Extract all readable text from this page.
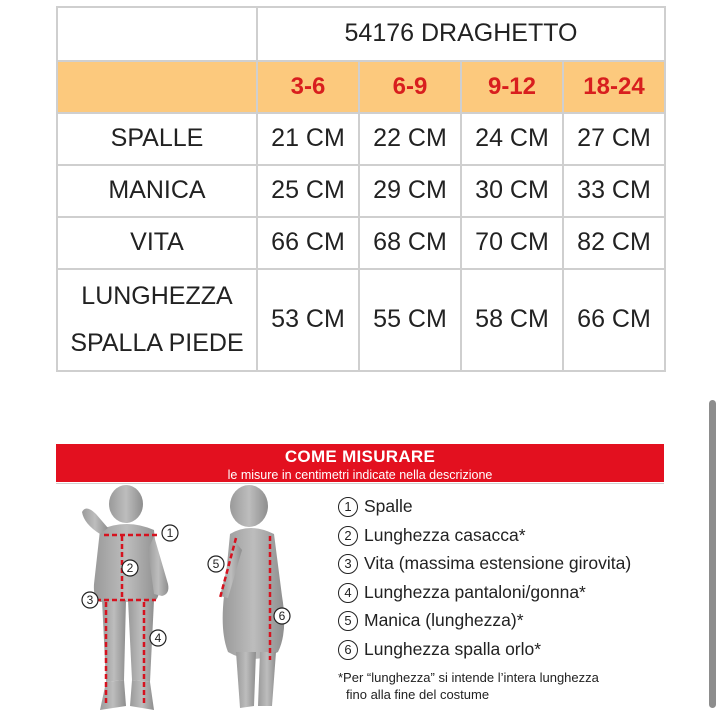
	54176 DRAGHETTO			
	3-6	6-9	9-12	18-24
SPALLE	21 CM	22 CM	24 CM	27 CM
MANICA	25 CM	29 CM	30 CM	33 CM
VITA	66 CM	68 CM	70 CM	82 CM
LUNGHEZZA
SPALLA PIEDE	53 CM	55 CM	58 CM	66 CM
COME MISURARE
le misure in centimetri indicate nella descrizione
1
2
3
4
5
6
1 Spalle
2 Lunghezza casacca*
3 Vita (massima estensione girovita)
4 Lunghezza pantaloni/gonna*
5 Manica (lunghezza)*
6 Lunghezza spalla orlo*
*Per “lunghezza” si intende l’intera lunghezza
fino alla fine del costume
